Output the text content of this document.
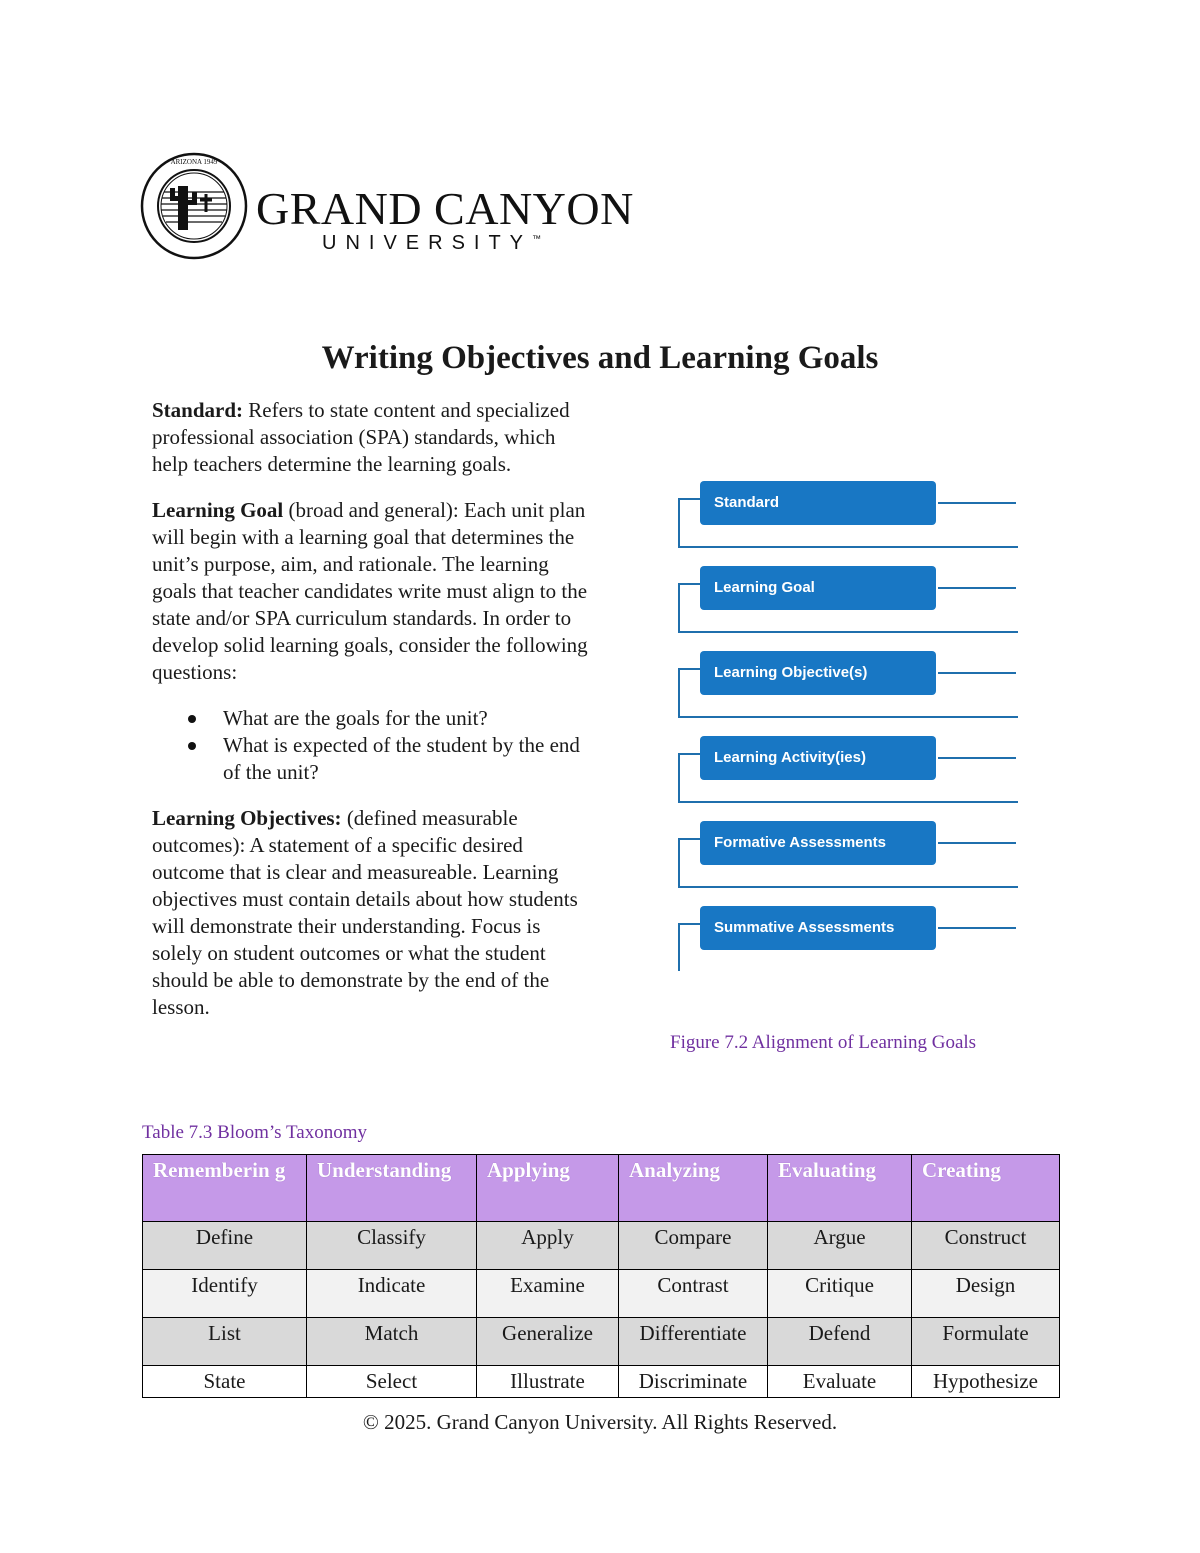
ARIZONA 1949
GRAND CANYON
UNIVERSITY™
Writing Objectives and Learning Goals

Standard: Refers to state content and specialized professional association (SPA) standards, which help teachers determine the learning goals.

Learning Goal (broad and general): Each unit plan will begin with a learning goal that determines the unit’s purpose, aim, and rationale. The learning goals that teacher candidates write must align to the state and/or SPA curriculum standards. In order to develop solid learning goals, consider the following questions:

What are the goals for the unit?
What is expected of the student by the end of the unit?

Learning Objectives: (defined measurable outcomes): A statement of a specific desired outcome that is clear and measureable. Learning objectives must contain details about how students will demonstrate their understanding. Focus is solely on student outcomes or what the student should be able to demonstrate by the end of the lesson.

Standard
Learning Goal
Learning Objective(s)
Learning Activity(ies)
Formative Assessments
Summative Assessments
Figure 7.2 Alignment of Learning Goals
Table 7.3 Bloom’s Taxonomy
Rememberin g	Understanding	Applying	Analyzing	Evaluating	Creating
Define	Classify	Apply	Compare	Argue	Construct
Identify	Indicate	Examine	Contrast	Critique	Design
List	Match	Generalize	Differentiate	Defend	Formulate
State	Select	Illustrate	Discriminate	Evaluate	Hypothesize
© 2025. Grand Canyon University. All Rights Reserved.
